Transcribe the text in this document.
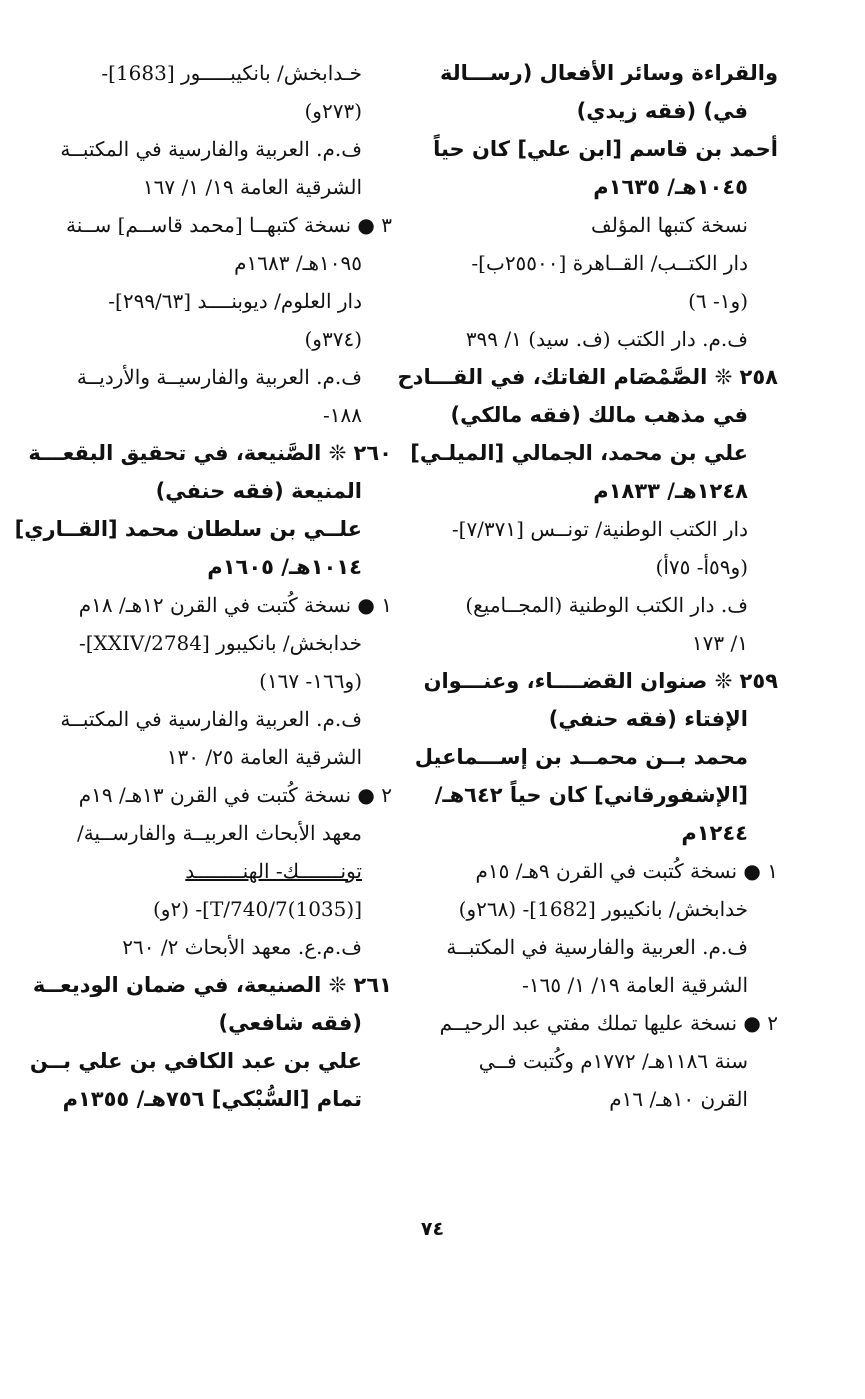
والقراءة وسائر الأفعال (رســـالة
في) (فقه زيدي)
أحمد بن قاسم [ابن علي] كان حياً
١٠٤٥هـ/ ١٦٣٥م
نسخة كتبها المؤلف
دار الكتــب/ القــاهرة [٢٥٥٠٠ب]-
(و١- ٦)
ف.م. دار الكتب (ف. سيد) ١/ ٣٩٩
٢٥٨ ❊ الصَّمْصَام الفاتك، في القـــادح
في مذهب مالك (فقه مالكي)
علي بن محمد، الجمالي [الميلـي]
١٢٤٨هـ/ ١٨٣٣م
دار الكتب الوطنية/ تونــس [٧/٣٧١]-
(و٥٩أ- ٧٥أ)
ف. دار الكتب الوطنية (المجــاميع)
١/ ١٧٣
٢٥٩ ❊ صنوان القضــــاء، وعنـــوان
الإفتاء (فقه حنفي)
محمد بــن محمــد بن إســـماعيل
[الإشفورقاني] كان حياً ٦٤٢هـ/
١٢٤٤م
١ ● نسخة كُتبت في القرن ٩هـ/ ١٥م
خدابخش/ بانكيبور [1682]- (٢٦٨و)
ف.م. العربية والفارسية في المكتبــة
الشرقية العامة ١٩/ ١/ ١٦٥-
٢ ● نسخة عليها تملك مفتي عبد الرحيــم
سنة ١١٨٦هـ/ ١٧٧٢م وكُتبت فــي
القرن ١٠هـ/ ١٦م
خـدابخش/ بانكيبـــــور [1683]-
(٢٧٣و)
ف.م. العربية والفارسية في المكتبــة
الشرقية العامة ١٩/ ١/ ١٦٧
٣ ● نسخة كتبهــا [محمد قاســم] ســنة
١٠٩٥هـ/ ١٦٨٣م
دار العلوم/ ديوبنــــد [٢٩٩/٦٣]-
(٣٧٤و)
ف.م. العربية والفارسيــة والأرديــة
١٨٨-
٢٦٠ ❊ الصَّنيعة، في تحقيق البقعـــة
المنيعة (فقه حنفي)
علــي بن سلطان محمد [القــاري]
١٠١٤هـ/ ١٦٠٥م
١ ● نسخة كُتبت في القرن ١٢هـ/ ١٨م
خدابخش/ بانكيبور [2784/XXIV]-
(و١٦٦- ١٦٧)
ف.م. العربية والفارسية في المكتبــة
الشرقية العامة ٢٥/ ١٣٠
٢ ● نسخة كُتبت في القرن ١٣هـ/ ١٩م
معهد الأبحاث العربيــة والفارســية/
تونـــــــك- الهنــــــــد
[(1035)T/740/7]- (٢و)
ف.م.ع. معهد الأبحاث ٢/ ٢٦٠
٢٦١ ❊ الصنيعة، في ضمان الوديعــة
(فقه شافعي)
علي بن عبد الكافي بن علي بــن
تمام [السُّبْكي] ٧٥٦هـ/ ١٣٥٥م
٧٤
